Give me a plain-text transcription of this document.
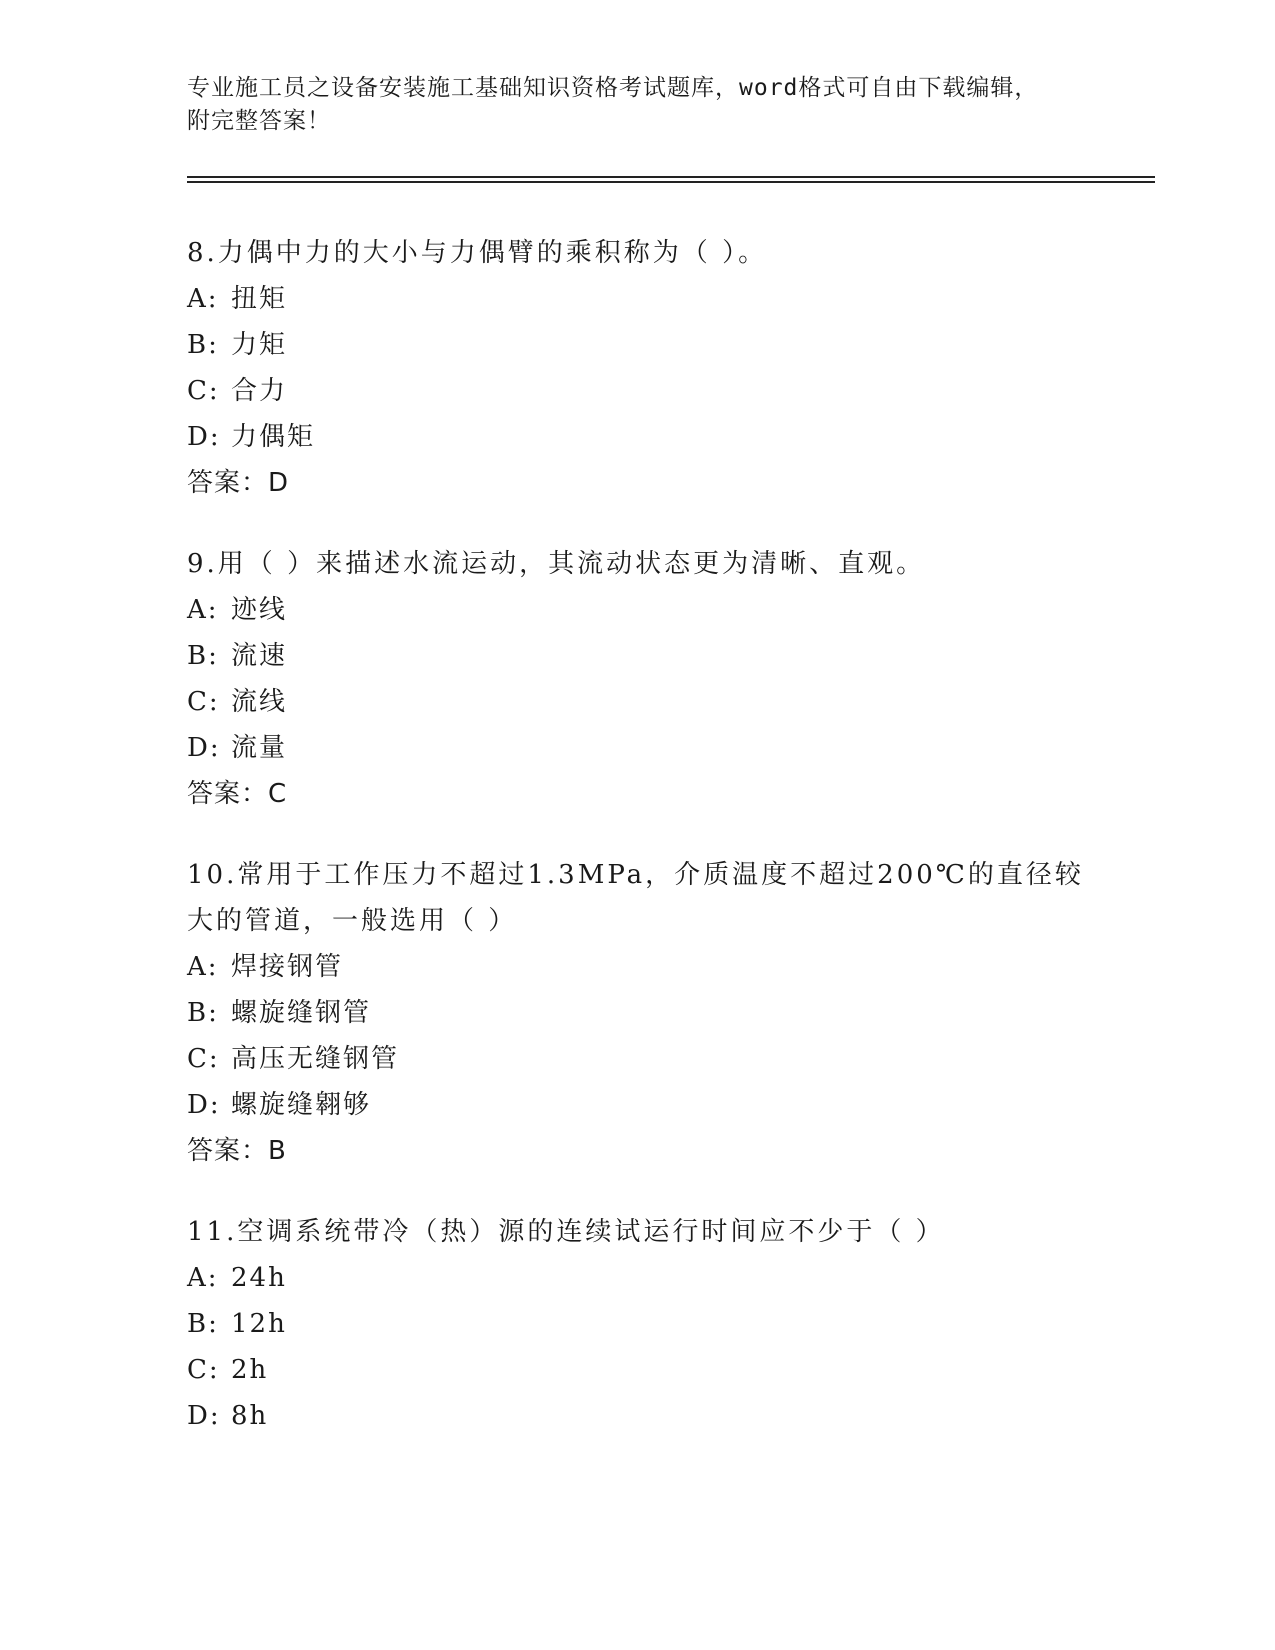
专业施工员之设备安装施工基础知识资格考试题库，word格式可自由下载编辑，
附完整答案！

8.力偶中力的大小与力偶臂的乘积称为（ ）。

A: 扭矩

B: 力矩

C: 合力

D: 力偶矩

答案：D

9.用（ ）来描述水流运动，其流动状态更为清晰、直观。

A: 迹线

B: 流速

C: 流线

D: 流量

答案：C

10.常用于工作压力不超过1.3MPa，介质温度不超过200℃的直径较大的管道，一般选用（ ）

A: 焊接钢管

B: 螺旋缝钢管

C: 高压无缝钢管

D: 螺旋缝翱够

答案：B

11.空调系统带冷（热）源的连续试运行时间应不少于（ ）

A: 24h

B: 12h

C: 2h

D: 8h
